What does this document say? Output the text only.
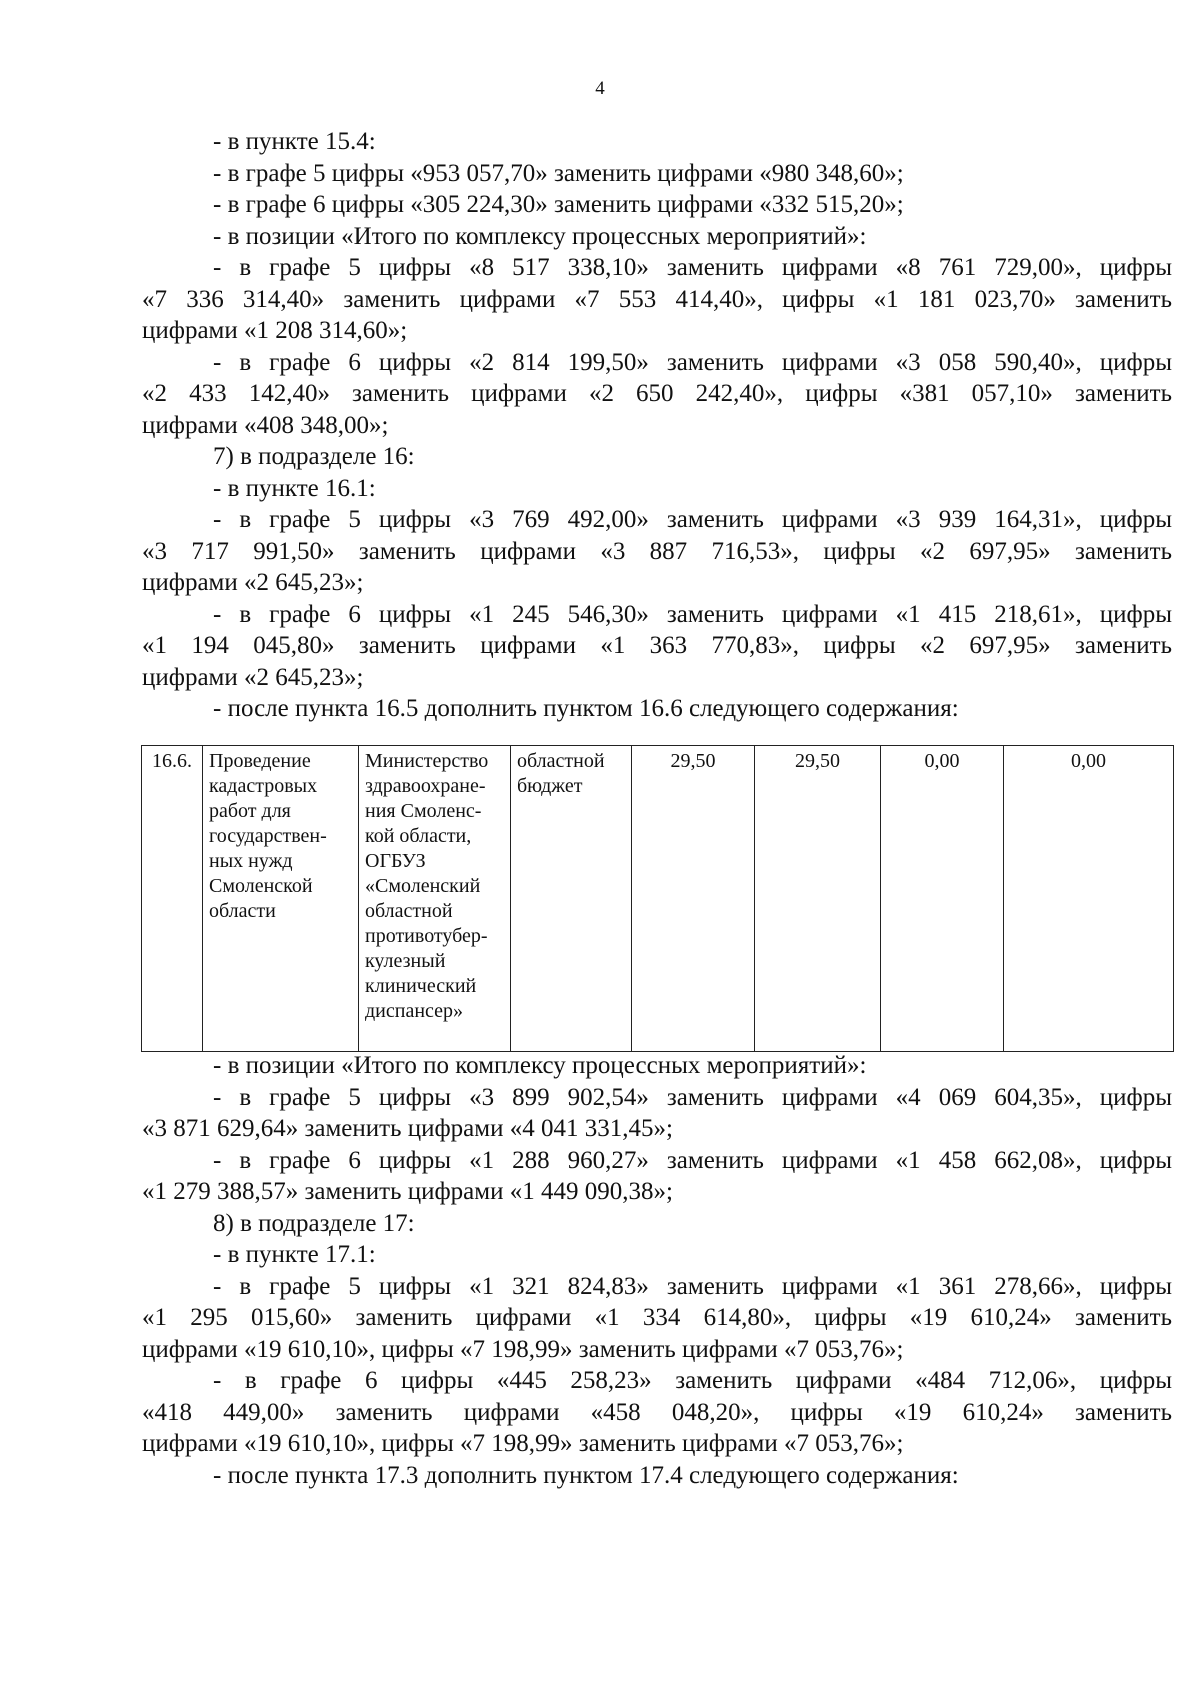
4

- в пункте 15.4:

- в графе 5 цифры «953 057,70» заменить цифрами «980 348,60»;

- в графе 6 цифры «305 224,30» заменить цифрами «332 515,20»;

- в позиции «Итого по комплексу процессных мероприятий»:

- в графе 5 цифры «8 517 338,10» заменить цифрами «8 761 729,00», цифры

«7 336 314,40» заменить цифрами «7 553 414,40», цифры «1 181 023,70» заменить

цифрами «1 208 314,60»;

- в графе 6 цифры «2 814 199,50» заменить цифрами «3 058 590,40», цифры

«2 433 142,40» заменить цифрами «2 650 242,40», цифры «381 057,10» заменить

цифрами «408 348,00»;

7) в подразделе 16:

- в пункте 16.1:

- в графе 5 цифры «3 769 492,00» заменить цифрами «3 939 164,31», цифры

«3 717 991,50» заменить цифрами «3 887 716,53», цифры «2 697,95» заменить

цифрами «2 645,23»;

- в графе 6 цифры «1 245 546,30» заменить цифрами «1 415 218,61», цифры

«1 194 045,80» заменить цифрами «1 363 770,83», цифры «2 697,95» заменить

цифрами «2 645,23»;

- после пункта 16.5 дополнить пунктом 16.6 следующего содержания:

16.6.	Проведение кадастровых работ для государствен-ных нужд Смоленской области	Министерство здравоохране-ния Смоленс-кой области, ОГБУЗ «Смоленский областной противотубер-кулезный клинический диспансер»	областной бюджет	29,50	29,50	0,00	0,00

- в позиции «Итого по комплексу процессных мероприятий»:

- в графе 5 цифры «3 899 902,54» заменить цифрами «4 069 604,35», цифры

«3 871 629,64» заменить цифрами «4 041 331,45»;

- в графе 6 цифры «1 288 960,27» заменить цифрами «1 458 662,08», цифры

«1 279 388,57» заменить цифрами «1 449 090,38»;

8) в подразделе 17:

- в пункте 17.1:

- в графе 5 цифры «1 321 824,83» заменить цифрами «1 361 278,66», цифры

«1 295 015,60» заменить цифрами «1 334 614,80», цифры «19 610,24» заменить

цифрами «19 610,10», цифры «7 198,99» заменить цифрами «7 053,76»;

- в графе 6 цифры «445 258,23» заменить цифрами «484 712,06», цифры

«418 449,00» заменить цифрами «458 048,20», цифры «19 610,24» заменить

цифрами «19 610,10», цифры «7 198,99» заменить цифрами «7 053,76»;

- после пункта 17.3 дополнить пунктом 17.4 следующего содержания:
